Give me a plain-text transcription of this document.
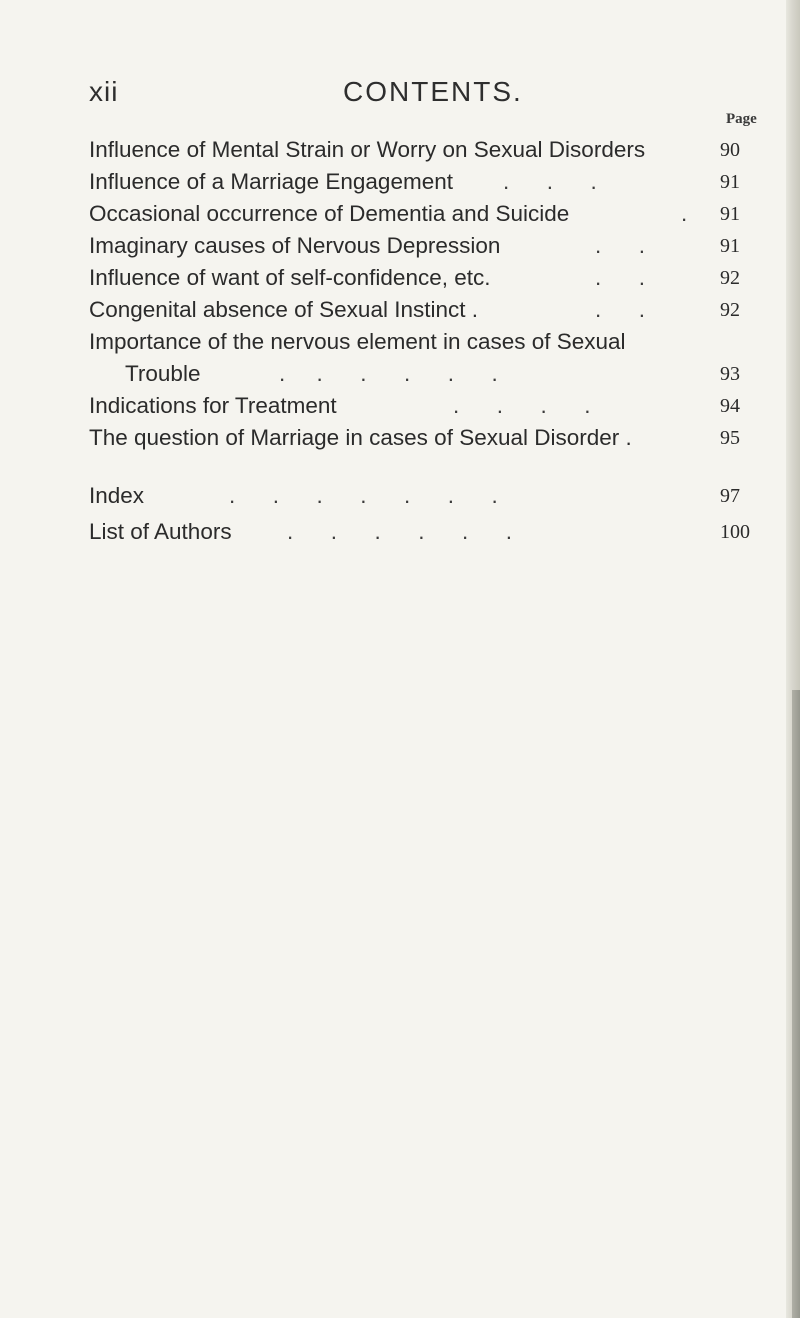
xii	CONTENTS.
Page
Influence of Mental Strain or Worry on Sexual Disorders	90
Influence of a Marriage Engagement .      .      .	91
Occasional occurrence of Dementia and Suicide	. 91
Imaginary causes of Nervous Depression	.      .	91
Influence of want of self-confidence, etc.	.      .	92
Congenital absence of Sexual Instinct .	.      .	92
Importance of the nervous element in cases of Sexual
Trouble	.     .      .      .      .      .	93
Indications for Treatment	.      .      .      .	94
The question of Marriage in cases of Sexual Disorder .	95
Index	.      .      .      .      .      .      .	97
List of Authors .      .      .      .      .      .	100
